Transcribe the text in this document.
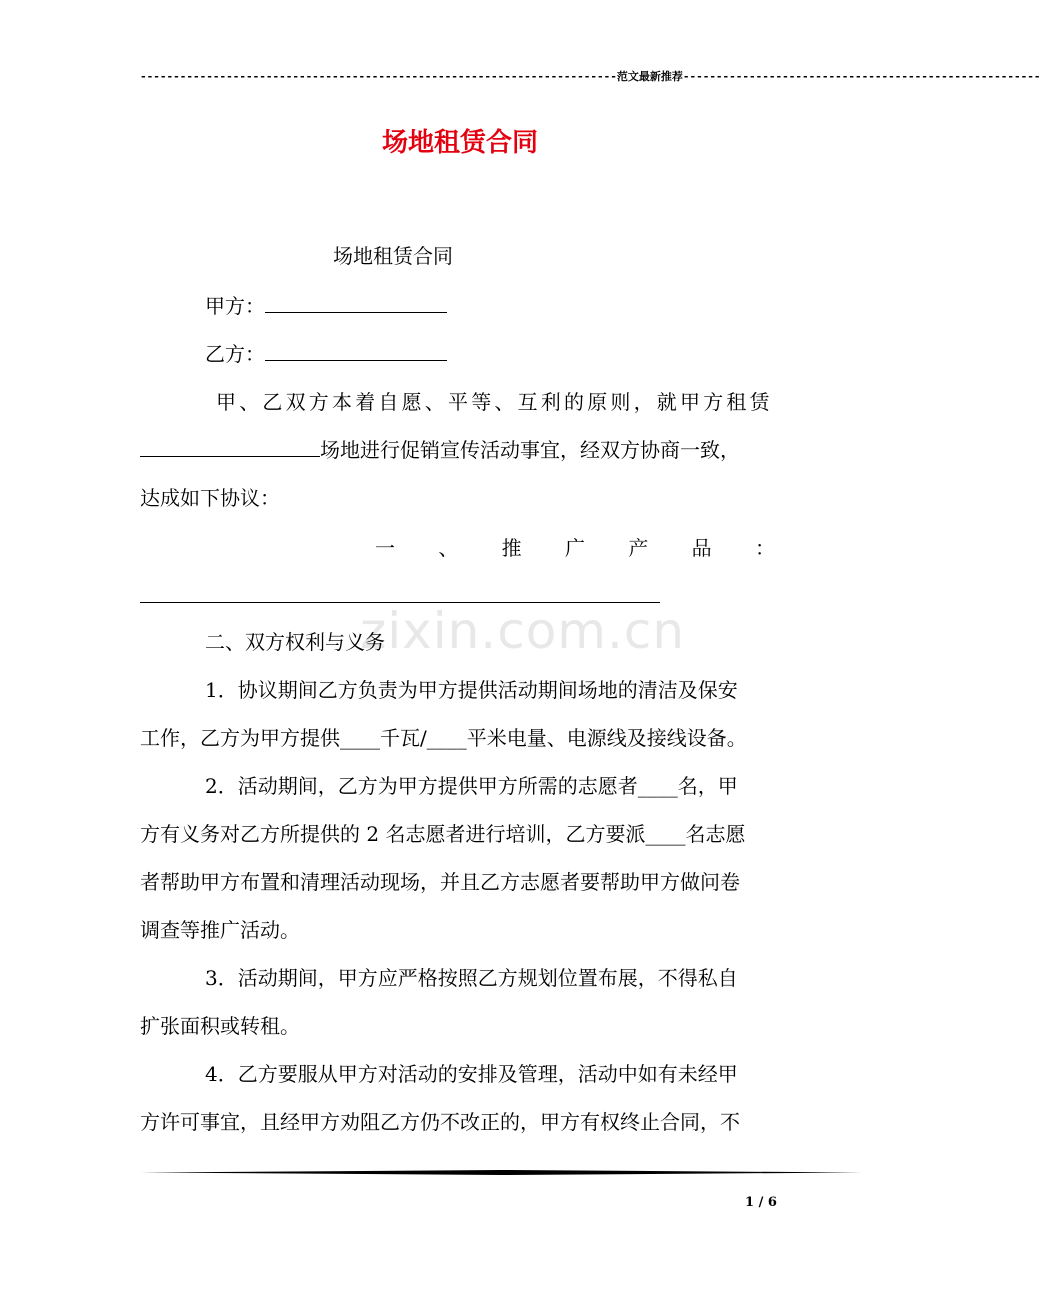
------------------------------------------------------------------------范文最新推荐------------------------------------------------------
场地租赁合同
zixin.com.cn
场地租赁合同
甲方：
乙方：
甲、乙双方本着自愿、平等、互利的原则，就甲方租赁
场地进行促销宣传活动事宜，经双方协商一致，
达成如下协议：
一 、 推 广 产 品 ：
二、双方权利与义务
1．协议期间乙方负责为甲方提供活动期间场地的清洁及保安
工作，乙方为甲方提供____千瓦/____平米电量、电源线及接线设备。
2．活动期间，乙方为甲方提供甲方所需的志愿者____名，甲
方有义务对乙方所提供的 2 名志愿者进行培训，乙方要派____名志愿
者帮助甲方布置和清理活动现场，并且乙方志愿者要帮助甲方做问卷
调查等推广活动。
3．活动期间，甲方应严格按照乙方规划位置布展，不得私自
扩张面积或转租。
4．乙方要服从甲方对活动的安排及管理，活动中如有未经甲
方许可事宜，且经甲方劝阻乙方仍不改正的，甲方有权终止合同，不
1 / 6
